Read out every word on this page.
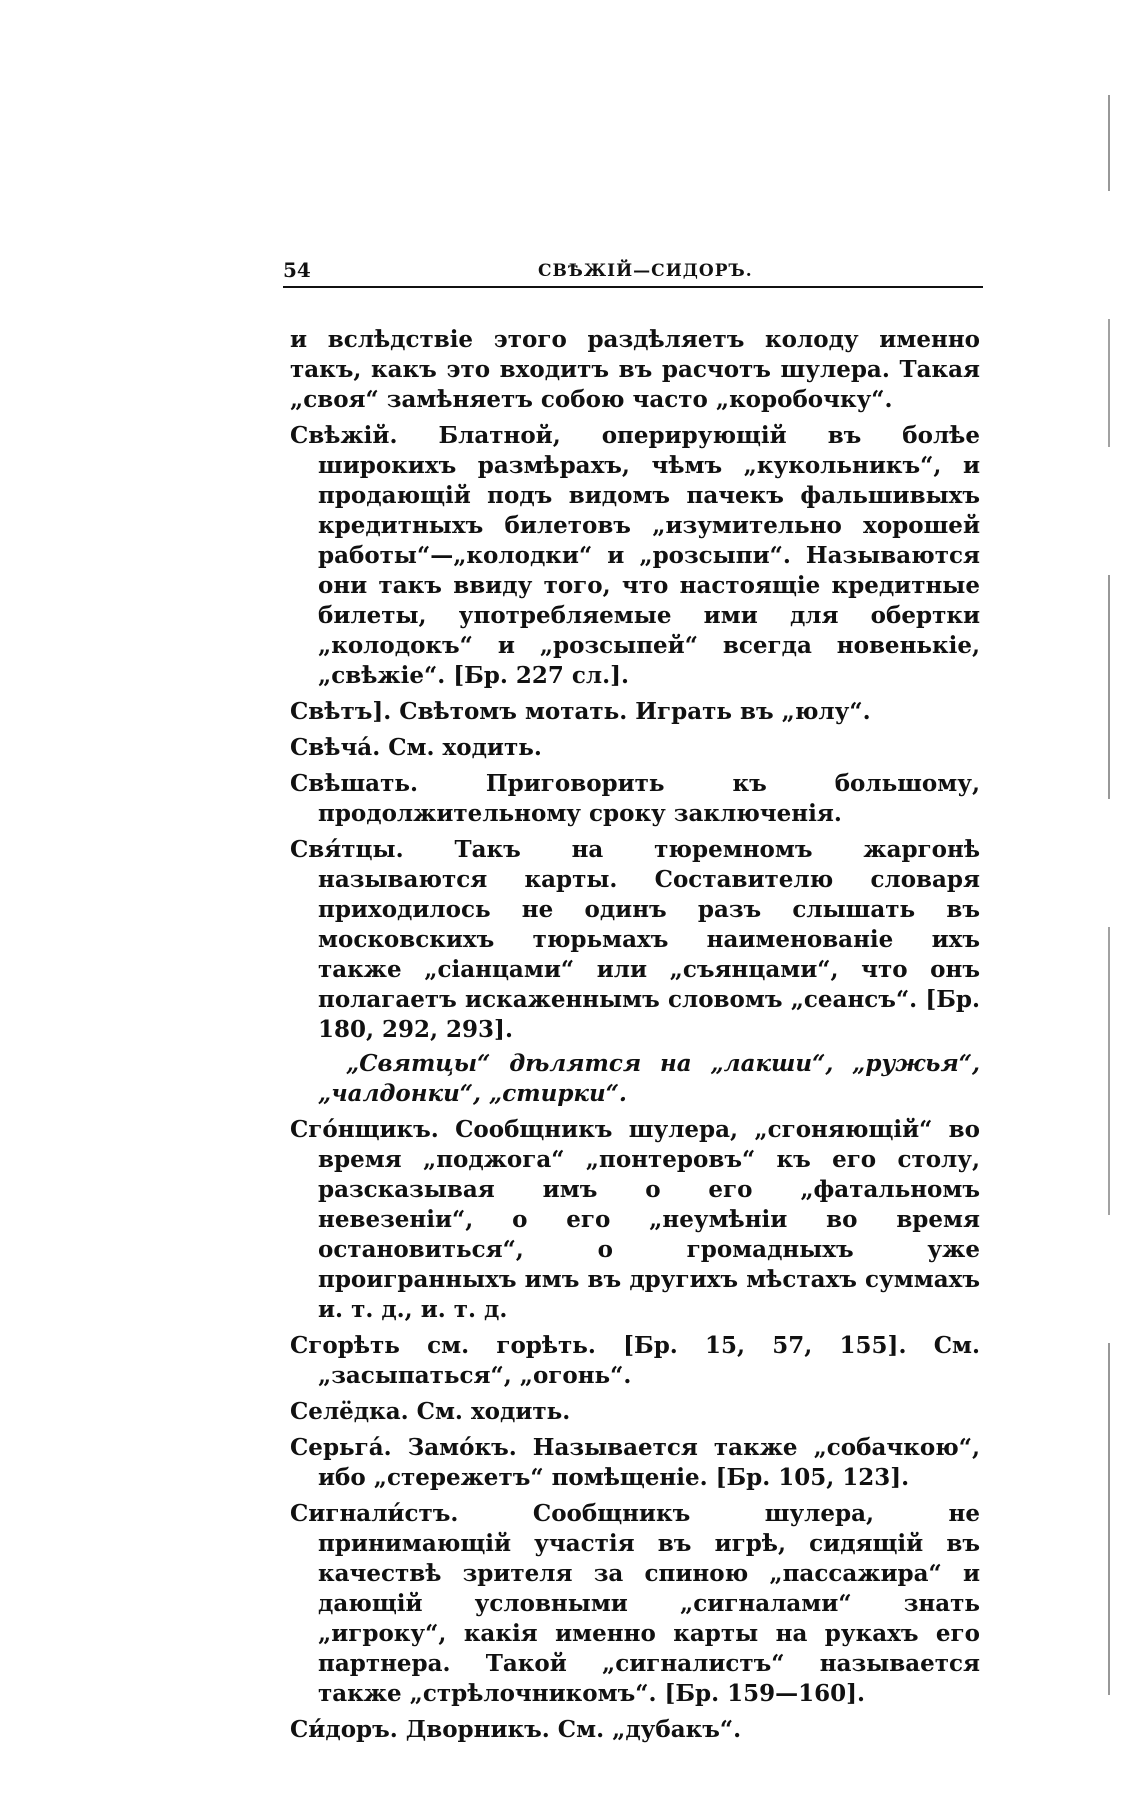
54	СВѢЖІЙ—СИДОРЪ.

и вслѣдствіе этого раздѣляетъ колоду именно такъ, какъ это входитъ въ расчотъ шулера. Такая „своя“ замѣняетъ собою часто „коробочку“.

Свѣжій. Блатной, оперирующій въ болѣе широкихъ размѣрахъ, чѣмъ „кукольникъ“, и продающій подъ видомъ пачекъ фальшивыхъ кредитныхъ билетовъ „изумительно хорошей работы“—„колодки“ и „розсыпи“. Называются они такъ ввиду того, что настоящіе кредитные билеты, употребляемые ими для обертки „колодокъ“ и „розсыпей“ всегда новенькіе, „свѣжіе“. [Бр. 227 сл.].

Свѣтъ]. Свѣтомъ мотать. Играть въ „юлу“.

Свѣча́. См. ходить.

Свѣшать. Приговорить къ большому, продолжительному сроку заключенія.

Свя́тцы. Такъ на тюремномъ жаргонѣ называются карты. Составителю словаря приходилось не одинъ разъ слышать въ московскихъ тюрьмахъ наименованіе ихъ также „сіанцами“ или „съянцами“, что онъ полагаетъ искаженнымъ словомъ „сеансъ“. [Бр. 180, 292, 293].

„Святцы“ дѣлятся на „лакши“, „ружья“, „чалдонки“, „стирки“.

Сго́нщикъ. Сообщникъ шулера, „сгоняющій“ во время „поджога“ „понтеровъ“ къ его столу, разсказывая имъ о его „фатальномъ невезеніи“, о его „неумѣніи во время остановиться“, о громадныхъ уже проигранныхъ имъ въ другихъ мѣстахъ суммахъ и. т. д., и. т. д.

Сгорѣть см. горѣть. [Бр. 15, 57, 155]. См. „засыпаться“, „огонь“.

Селёдка. См. ходить.

Серьга́. Замо́къ. Называется также „собачкою“, ибо „стережетъ“ помѣщеніе. [Бр. 105, 123].

Сигнали́стъ. Сообщникъ шулера, не принимающій участія въ игрѣ, сидящій въ качествѣ зрителя за спиною „пассажира“ и дающій условными „сигналами“ знать „игроку“, какія именно карты на рукахъ его партнера. Такой „сигналистъ“ называется также „стрѣлочникомъ“. [Бр. 159—160].

Си́доръ. Дворникъ. См. „дубакъ“.
